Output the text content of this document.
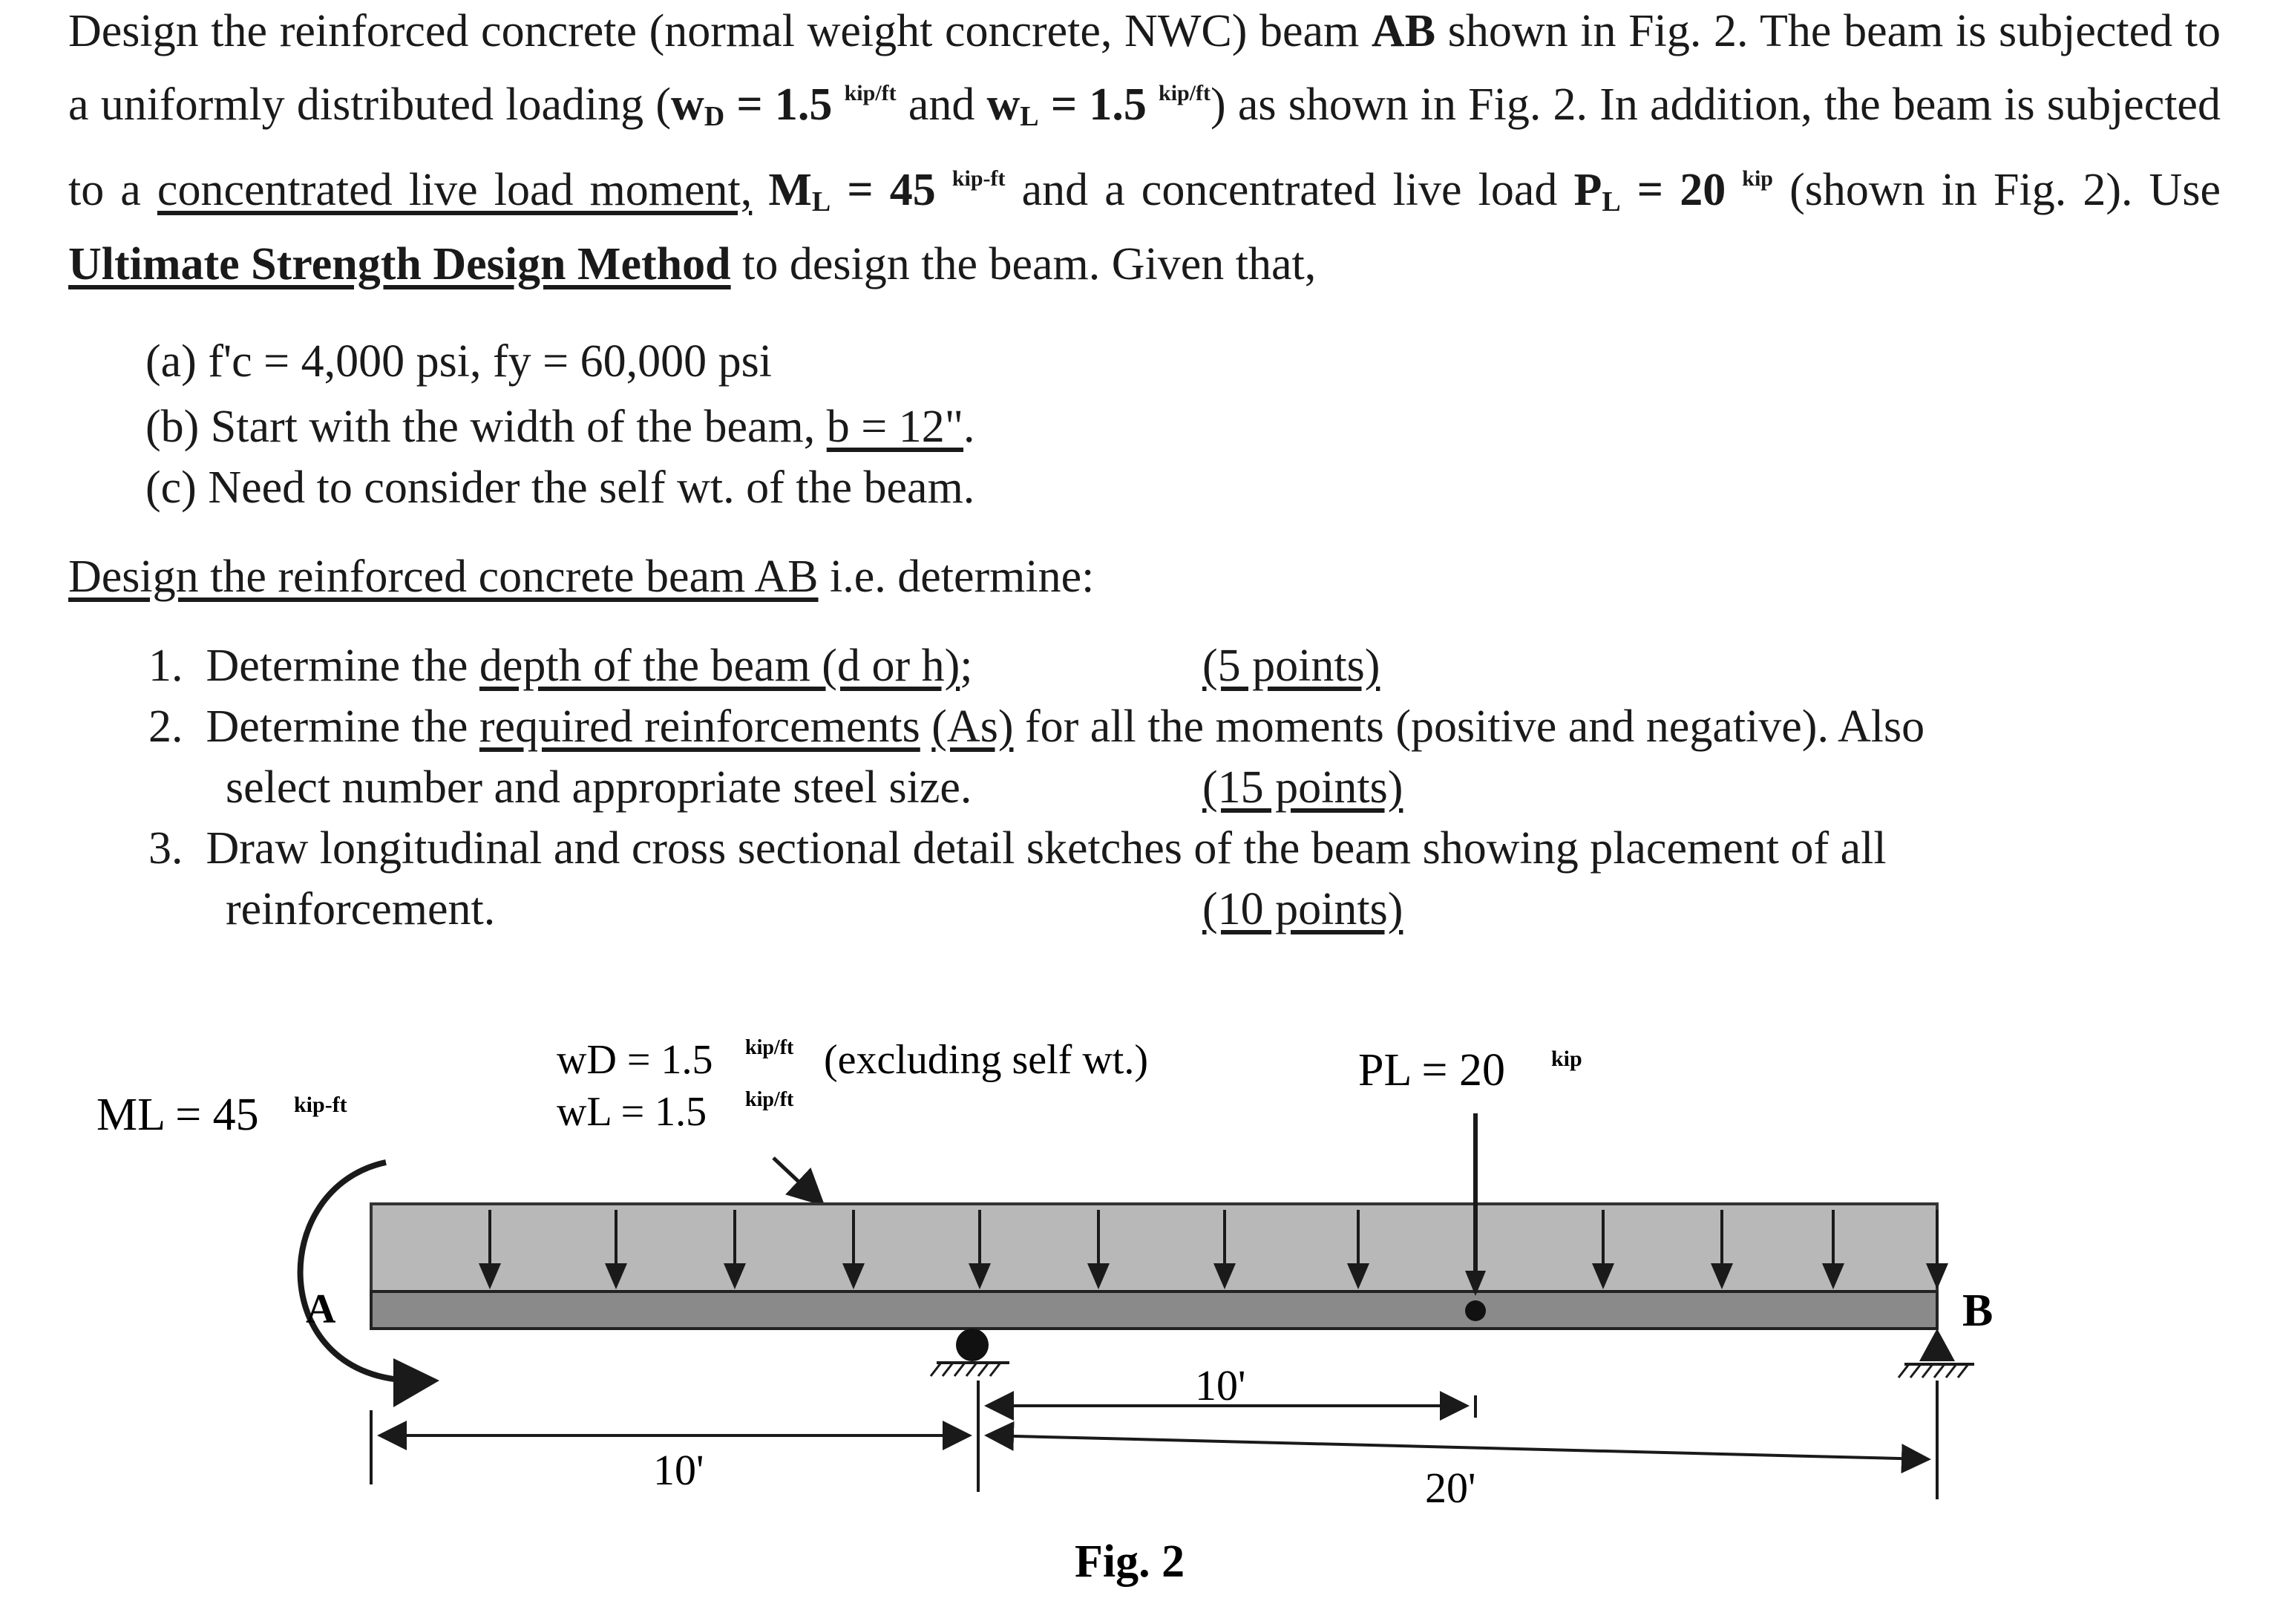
Design the reinforced concrete (normal weight concrete, NWC) beam AB shown in Fig. 2. The beam is subjected to a uniformly distributed loading ($w_D = 1.5$ $^{kip/ft}$ and $w_L = 1.5$ $^{kip/ft}$) as shown in Fig. 2. In addition, the beam is subjected to a concentrated live load moment, $M_L = 45$ $^{kip-ft}$ and a concentrated live load $P_L = 20$ $^{kip}$ (shown in Fig. 2). Use Ultimate Strength Design Method to design the beam. Given that,
(a) f'c = 4,000 psi, fy = 60,000 psi
(b) Start with the width of the beam, b = 12".
(c) Need to consider the self wt. of the beam.
Design the reinforced concrete beam AB i.e. determine:
1. Determine the depth of the beam (d or h);	(5 points)
2. Determine the required reinforcements (As) for all the moments (positive and negative). Also
select number and appropriate steel size.	(15 points)
3. Draw longitudinal and cross sectional detail sketches of the beam showing placement of all
reinforcement.	(10 points)
ML = 45 kip-ft
wD = 1.5 kip/ft (excluding self wt.)
wL = 1.5 kip/ft
PL = 20 kip
A	B
10'
10'	20'
Fig. 2
